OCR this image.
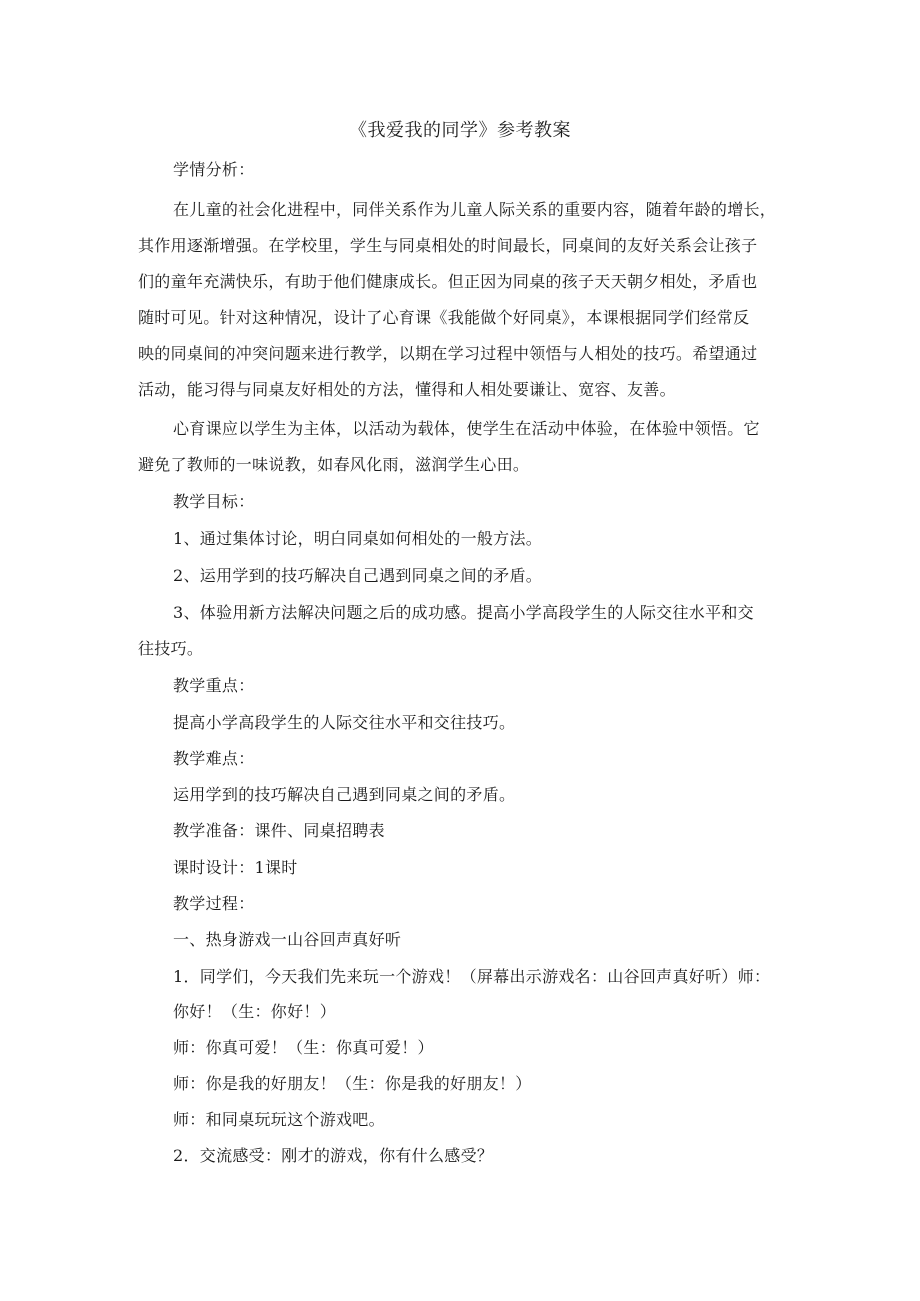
《我爱我的同学》参考教案
学情分析：
在儿童的社会化进程中，同伴关系作为儿童人际关系的重要内容，随着年龄的增长，
其作用逐渐增强。在学校里，学生与同桌相处的时间最长，同桌间的友好关系会让孩子
们的童年充满快乐，有助于他们健康成长。但正因为同桌的孩子天天朝夕相处，矛盾也
随时可见。针对这种情况，设计了心育课《我能做个好同桌》，本课根据同学们经常反
映的同桌间的冲突问题来进行教学，以期在学习过程中领悟与人相处的技巧。希望通过
活动，能习得与同桌友好相处的方法，懂得和人相处要谦让、宽容、友善。
心育课应以学生为主体，以活动为载体，使学生在活动中体验，在体验中领悟。它
避免了教师的一味说教，如春风化雨，滋润学生心田。
教学目标：
1、通过集体讨论，明白同桌如何相处的一般方法。
2、运用学到的技巧解决自己遇到同桌之间的矛盾。
3、体验用新方法解决问题之后的成功感。提高小学高段学生的人际交往水平和交
往技巧。
教学重点：
提高小学高段学生的人际交往水平和交往技巧。
教学难点：
运用学到的技巧解决自己遇到同桌之间的矛盾。
教学准备：课件、同桌招聘表
课时设计：1课时
教学过程：
一、热身游戏一山谷回声真好听
1．同学们，今天我们先来玩一个游戏！（屏幕出示游戏名：山谷回声真好听）师：
你好！（生：你好！）
师：你真可爱！（生：你真可爱！）
师：你是我的好朋友！（生：你是我的好朋友！）
师：和同桌玩玩这个游戏吧。
2．交流感受：刚才的游戏，你有什么感受？
